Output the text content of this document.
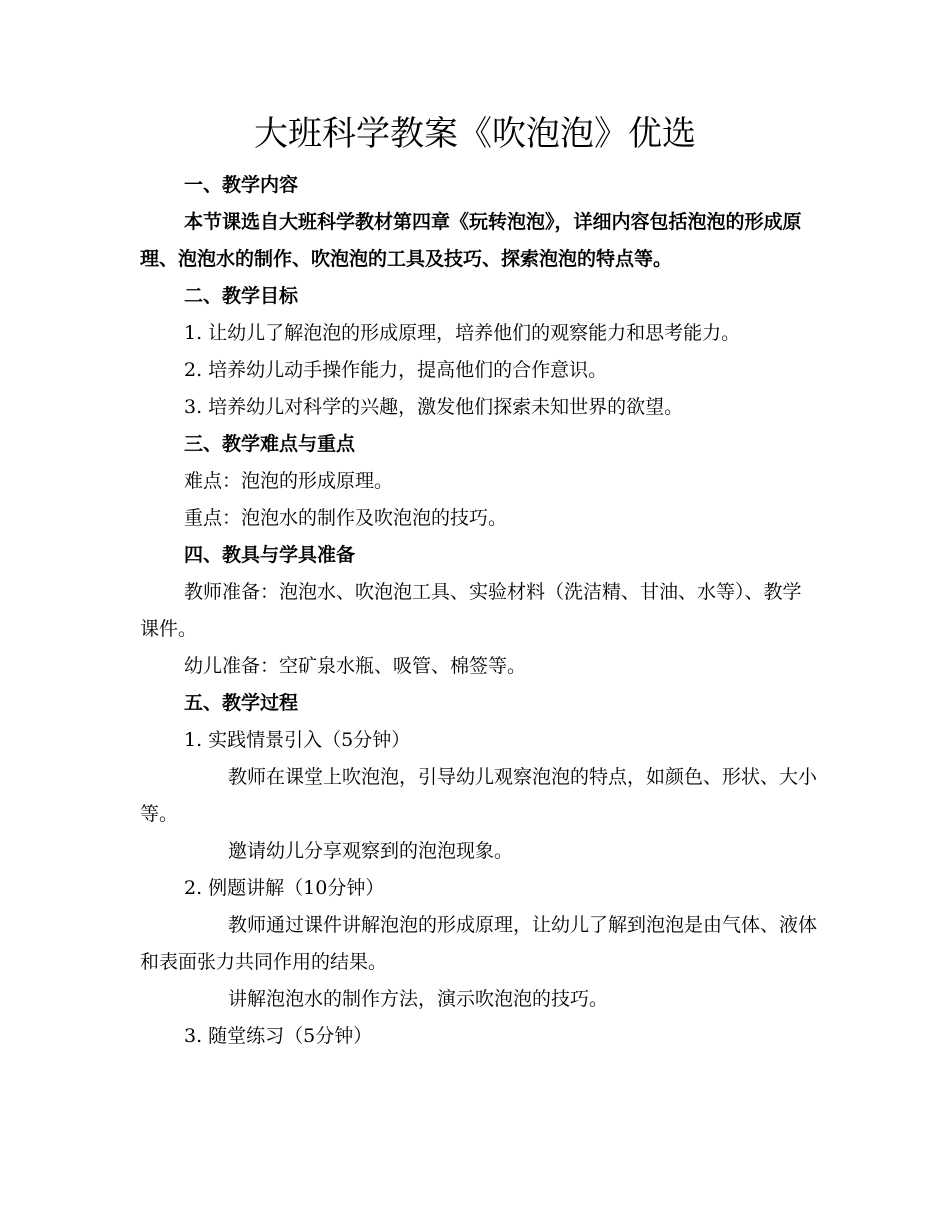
大班科学教案《吹泡泡》优选

一、教学内容

本节课选自大班科学教材第四章《玩转泡泡》，详细内容包括泡泡的形成原理、泡泡水的制作、吹泡泡的工具及技巧、探索泡泡的特点等。

二、教学目标

1. 让幼儿了解泡泡的形成原理，培养他们的观察能力和思考能力。

2. 培养幼儿动手操作能力，提高他们的合作意识。

3. 培养幼儿对科学的兴趣，激发他们探索未知世界的欲望。

三、教学难点与重点

难点：泡泡的形成原理。

重点：泡泡水的制作及吹泡泡的技巧。

四、教具与学具准备

教师准备：泡泡水、吹泡泡工具、实验材料（洗洁精、甘油、水等）、教学课件。

幼儿准备：空矿泉水瓶、吸管、棉签等。

五、教学过程

1. 实践情景引入（5分钟）

教师在课堂上吹泡泡，引导幼儿观察泡泡的特点，如颜色、形状、大小等。

邀请幼儿分享观察到的泡泡现象。

2. 例题讲解（10分钟）

教师通过课件讲解泡泡的形成原理，让幼儿了解到泡泡是由气体、液体和表面张力共同作用的结果。

讲解泡泡水的制作方法，演示吹泡泡的技巧。

3. 随堂练习（5分钟）
